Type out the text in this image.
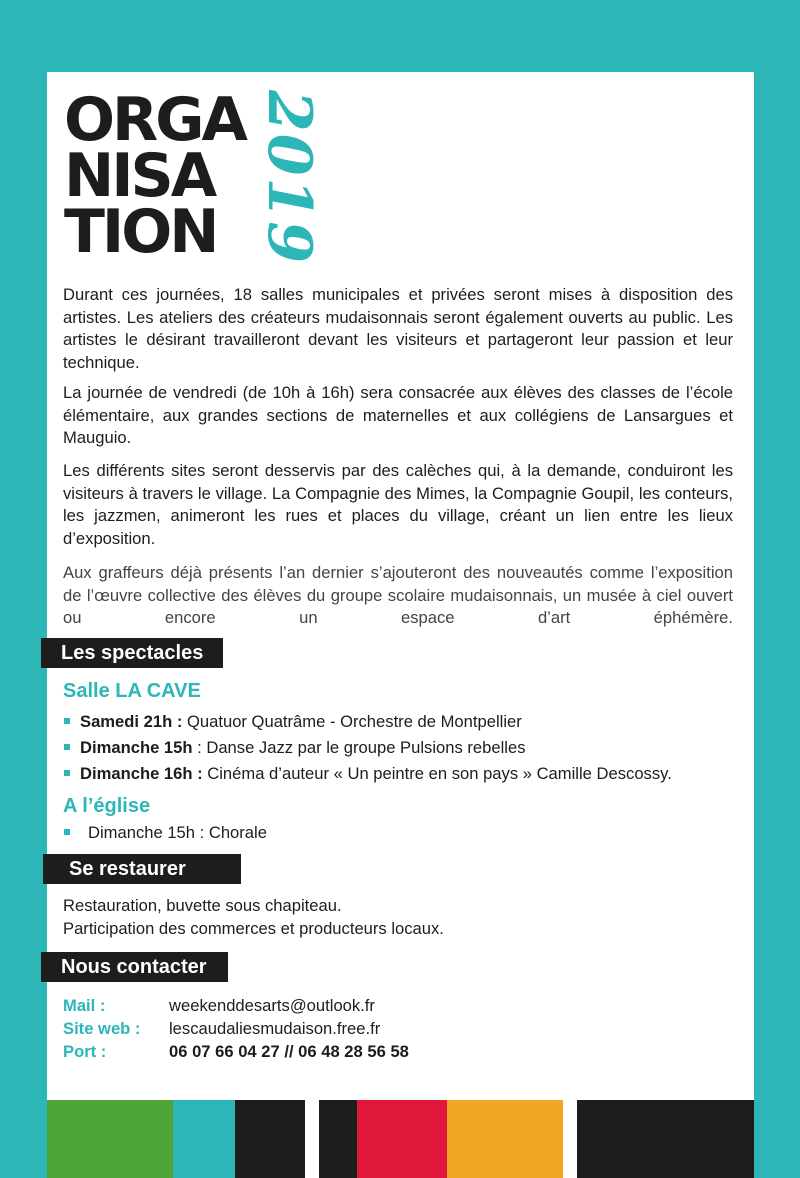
ORGA
NISA
TION 2019

Durant ces journées, 18 salles municipales et privées seront mises à disposition des artistes. Les ateliers des créateurs mudaisonnais seront également ouverts au public. Les artistes le désirant travailleront devant les visiteurs et partageront leur passion et leur technique.

La journée de vendredi (de 10h à 16h) sera consacrée aux élèves des classes de l’école élémentaire, aux grandes sections de maternelles et aux collégiens de Lansargues et Mauguio.

Les différents sites seront desservis par des calèches qui, à la demande, conduiront les visiteurs à travers le village. La Compagnie des Mimes, la Compagnie Goupil, les conteurs, les jazzmen, animeront les rues et places du village, créant un lien entre les lieux d’exposition.

Aux graffeurs déjà présents l’an dernier s’ajouteront des nouveautés comme l’exposition de l’œuvre collective des élèves du groupe scolaire mudaisonnais, un musée à ciel ouvert ou encore un espace d’art éphémère.

Les spectacles
Salle LA CAVE
Samedi 21h : Quatuor Quatrâme - Orchestre de Montpellier
Dimanche 15h : Danse Jazz par le groupe Pulsions rebelles
Dimanche 16h : Cinéma d’auteur « Un peintre en son pays » Camille Descossy.
A l’église
Dimanche 15h : Chorale
Se restaurer
Restauration, buvette sous chapiteau.
Participation des commerces et producteurs locaux.
Nous contacter
Mail :	weekenddesarts@outlook.fr
Site web : lescaudaliesmudaison.free.fr
Port :	06 07 66 04 27 // 06 48 28 56 58
